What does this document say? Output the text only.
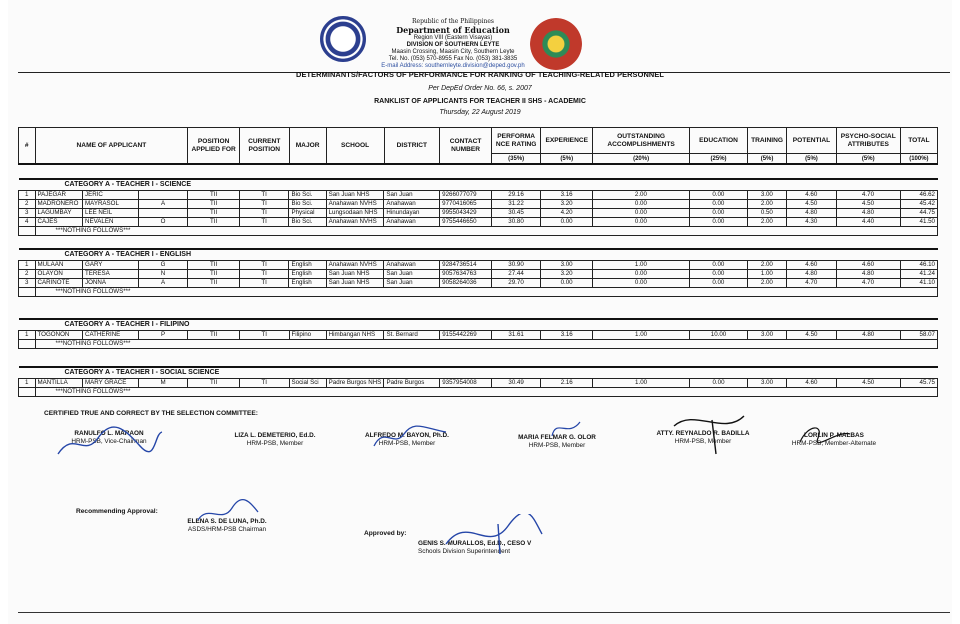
Republic of the Philippines
Department of Education
Region VIII (Eastern Visayas)
DIVISION OF SOUTHERN LEYTE
Maasin Crossing, Maasin City, Southern Leyte
Tel. No. (053) 570-8955 Fax No. (053) 381-3835
E-mail Address: southernleyte.division@deped.gov.ph
DETERMINANTS/FACTORS OF PERFORMANCE FOR RANKING OF TEACHING-RELATED PERSONNEL
Per DepEd Order No. 66, s. 2007
RANKLIST OF APPLICANTS FOR TEACHER II SHS - ACADEMIC
Thursday, 22 August 2019
#	NAME OF APPLICANT	POSITION APPLIED FOR	CURRENT POSITION	MAJOR	SCHOOL	DISTRICT	CONTACT NUMBER	PERFORMA NCE RATING	EXPERIENCE	OUTSTANDING ACCOMPLISHMENTS	EDUCATION	TRAINING	POTENTIAL	PSYCHO-SOCIAL ATTRIBUTES	TOTAL
								(35%)	(5%)	(20%)	(25%)	(5%)	(5%)	(5%)	(100%)
CATEGORY A - TEACHER I - SCIENCE																	
1	PAJEGAR	JERIC		TII	TI	Bio Sci.	San Juan NHS	San Juan	9266077079	29.16	3.16	2.00	0.00	3.00	4.60	4.70	46.62
2	MADRONERO	MAYRASOL	A	TII	TI	Bio Sci.	Anahawan NVHS	Anahawan	9770416065	31.22	3.20	0.00	0.00	2.00	4.50	4.50	45.42
3	LAGUMBAY	LEE NEIL		TII	TI	Physical	Lungsodaan NHS	Hinundayan	9955043429	30.45	4.20	0.00	0.00	0.50	4.80	4.80	44.75
4	CAJES	NEVALEN	O	TII	TI	Bio Sci.	Anahawan NVHS	Anahawan	9755446650	30.80	0.00	0.00	0.00	2.00	4.30	4.40	41.50
	***NOTHING FOLLOWS***																
CATEGORY A - TEACHER I - ENGLISH																	
1	MULAAN	GARY	G	TII	TI	English	Anahawan NVHS	Anahawan	9284736514	30.90	3.00	1.00	0.00	2.00	4.60	4.60	46.10
2	OLAYON	TERESA	N	TII	TI	English	San Juan NHS	San Juan	9057634763	27.44	3.20	0.00	0.00	1.00	4.80	4.80	41.24
3	CARINOTE	JONNA	A	TII	TI	English	San Juan NHS	San Juan	9058264036	29.70	0.00	0.00	0.00	2.00	4.70	4.70	41.10
	***NOTHING FOLLOWS***																
CATEGORY A - TEACHER I - FILIPINO																	
1	TOGONON	CATHERINE	P	TII	TI	Filipino	Himbangan NHS	St. Bernard	9155442269	31.61	3.16	1.00	10.00	3.00	4.50	4.80	58.07
	***NOTHING FOLLOWS***																
CATEGORY A - TEACHER I - SOCIAL SCIENCE																	
1	MANTILLA	MARY GRACE	M	TII	TI	Social Sci	Padre Burgos NHS	Padre Burgos	9357954008	30.49	2.16	1.00	0.00	3.00	4.60	4.50	45.75
	***NOTHING FOLLOWS***																
CERTIFIED TRUE AND CORRECT BY THE SELECTION COMMITTEE:
RANULFO L. MARAON
HRM-PSB, Vice-Chairman
LIZA L. DEMETERIO, Ed.D.
HRM-PSB, Member
ALFREDO M. BAYON, Ph.D.
HRM-PSB, Member
MARIA FELMAR G. OLOR
HRM-PSB, Member
ATTY. REYNALDO R. BADILLA
HRM-PSB, Member
LORLIN P. MALBAS
HRM-PSB, Member-Alternate
Recommending Approval:
ELENA S. DE LUNA, Ph.D.
ASDS/HRM-PSB Chairman
Approved by:
GENIS S. MURALLOS, Ed.D., CESO V
Schools Division Superintendent
